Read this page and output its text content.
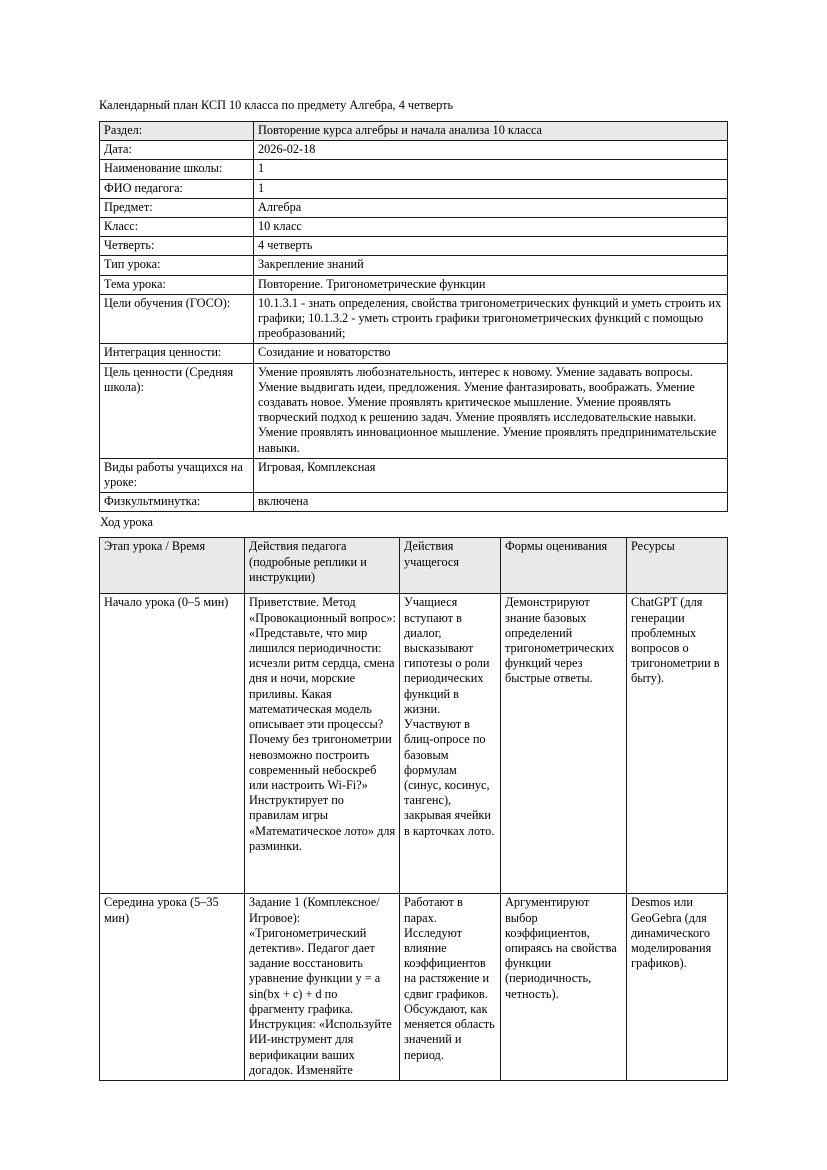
Календарный план КСП 10 класса по предмету Алгебра, 4 четверть
Раздел:	Повторение курса алгебры и начала анализа 10 класса
Дата:	2026-02-18
Наименование школы:	1
ФИО педагога:	1
Предмет:	Алгебра
Класс:	10 класс
Четверть:	4 четверть
Тип урока:	Закрепление знаний
Тема урока:	Повторение. Тригонометрические функции
Цели обучения (ГОСО):	10.1.3.1 - знать определения, свойства тригонометрических функций и уметь строить их графики; 10.1.3.2 - уметь строить графики тригонометрических функций с помощью преобразований;
Интеграция ценности:	Созидание и новаторство
Цель ценности (Средняя школа):	Умение проявлять любознательность, интерес к новому. Умение задавать вопросы. Умение выдвигать идеи, предложения. Умение фантазировать, воображать. Умение создавать новое. Умение проявлять критическое мышление. Умение проявлять творческий подход к решению задач. Умение проявлять исследовательские навыки. Умение проявлять инновационное мышление. Умение проявлять предпринимательские навыки.
Виды работы учащихся на уроке:	Игровая, Комплексная
Физкультминутка:	включена
Ход урока
Этап урока / Время	Действия педагога (подробные реплики и инструкции)	Действия учащегося	Формы оценивания	Ресурсы
Начало урока (0–5 мин)	Приветствие. Метод «Провокационный вопрос»: «Представьте, что мир лишился периодичности: исчезли ритм сердца, смена дня и ночи, морские приливы. Какая математическая модель описывает эти процессы? Почему без тригонометрии невозможно построить современный небоскреб или настроить Wi-Fi?» Инструктирует по правилам игры «Математическое лото» для разминки.	Учащиеся вступают в диалог, высказывают гипотезы о роли периодических функций в жизни. Участвуют в блиц-опросе по базовым формулам (синус, косинус, тангенс), закрывая ячейки в карточках лото.	Демонстрируют знание базовых определений тригонометрических функций через быстрые ответы.	ChatGPT (для генерации проблемных вопросов о тригонометрии в быту).
Середина урока (5–35 мин)	Задание 1 (Комплексное/Игровое): «Тригонометрический детектив». Педагог дает задание восстановить уравнение функции y = a sin(bx + c) + d по фрагменту графика. Инструкция: «Используйте ИИ-инструмент для верификации ваших догадок. Изменяйте	Работают в парах. Исследуют влияние коэффициентов на растяжение и сдвиг графиков. Обсуждают, как меняется область значений и период.	Аргументируют выбор коэффициентов, опираясь на свойства функции (периодичность, четность).	Desmos или GeoGebra (для динамического моделирования графиков).
